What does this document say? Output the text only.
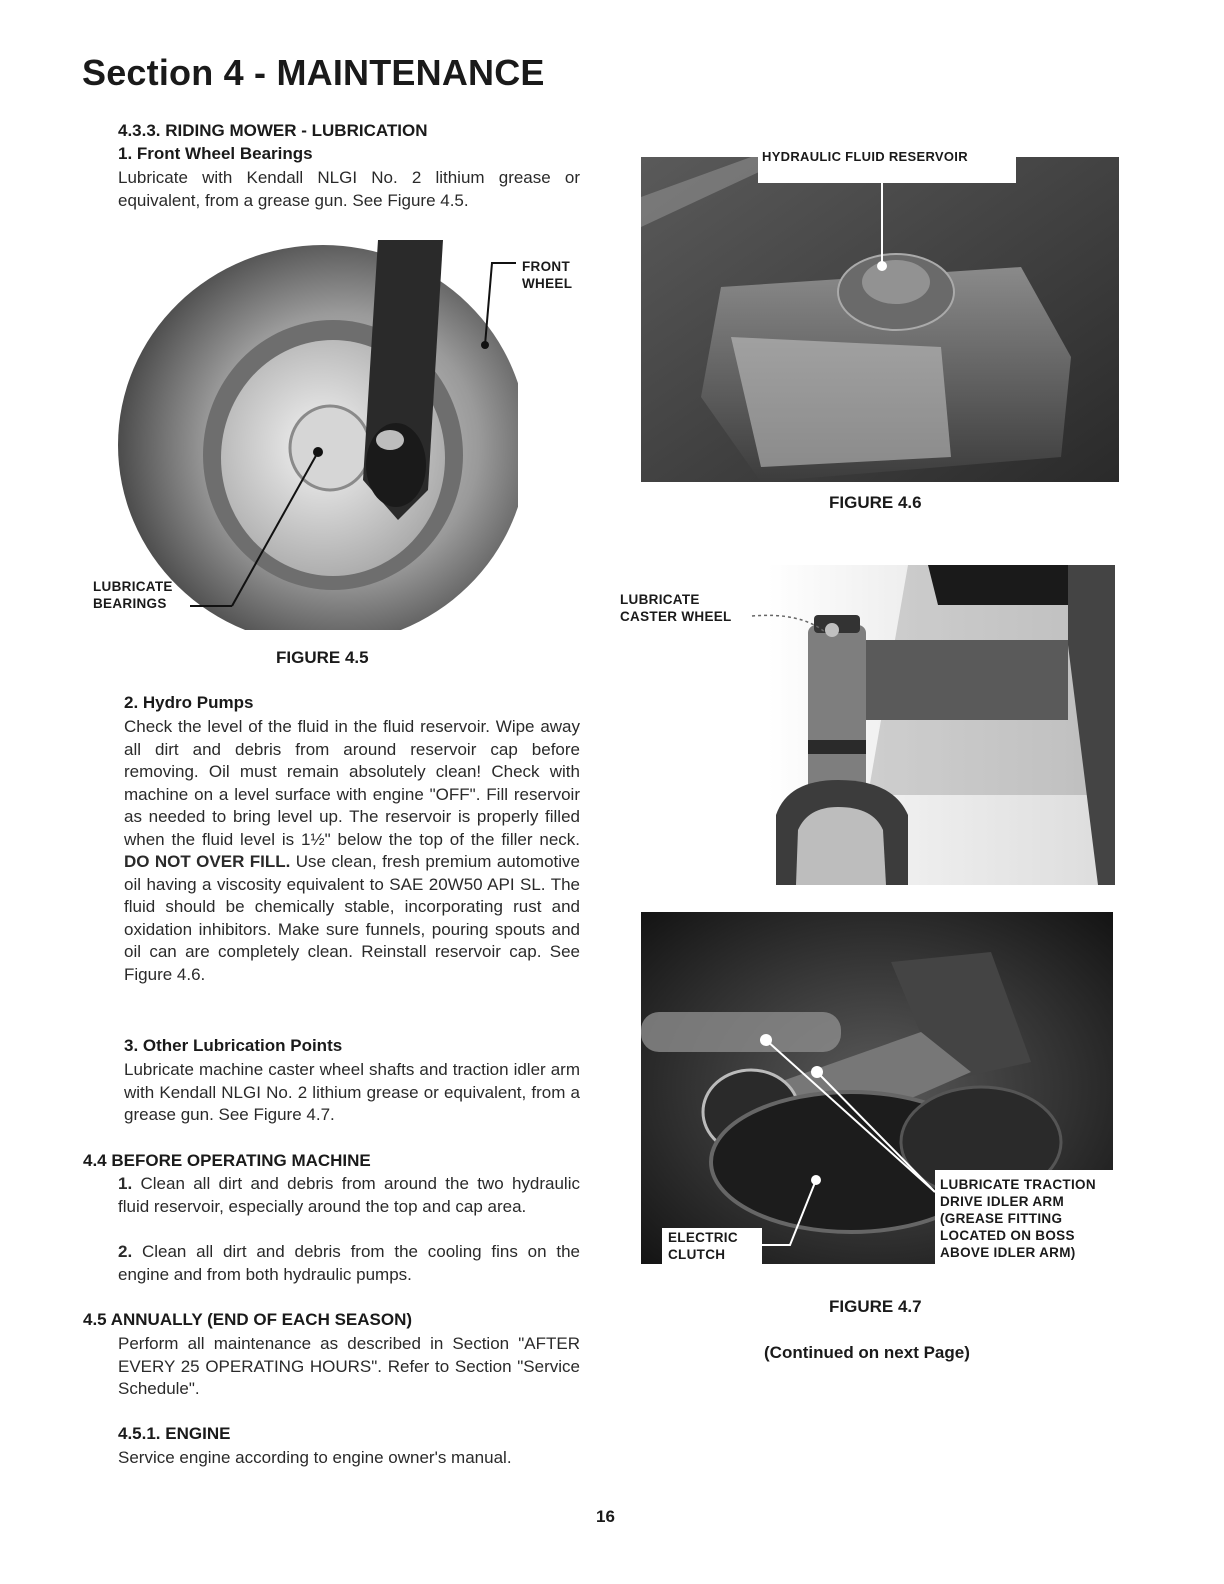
Section 4 - MAINTENANCE
4.3.3. RIDING MOWER - LUBRICATION
1. Front Wheel Bearings
Lubricate with Kendall NLGI No. 2 lithium grease or equivalent, from a grease gun. See Figure 4.5.
FRONT
WHEEL
LUBRICATE
BEARINGS
FIGURE 4.5
2. Hydro Pumps
Check the level of the fluid in the fluid reservoir. Wipe away all dirt and debris from around reservoir cap before removing. Oil must remain absolutely clean! Check with machine on a level surface with engine "OFF". Fill reservoir as needed to bring level up. The reservoir is properly filled when the fluid level is 1½" below the top of the filler neck. DO NOT OVER FILL. Use clean, fresh premium automotive oil having a viscosity equivalent to SAE 20W50 API SL. The fluid should be chemically stable, incorporating rust and oxidation inhibitors. Make sure funnels, pouring spouts and oil can are completely clean. Reinstall reservoir cap. See Figure 4.6.
3. Other Lubrication Points
Lubricate machine caster wheel shafts and traction idler arm with Kendall NLGI No. 2 lithium grease or equivalent, from a grease gun. See Figure 4.7.
4.4 BEFORE OPERATING MACHINE
1. Clean all dirt and debris from around the two hydraulic fluid reservoir, especially around the top and cap area.
2. Clean all dirt and debris from the cooling fins on the engine and from both hydraulic pumps.
4.5 ANNUALLY (END OF EACH SEASON)
Perform all maintenance as described in Section "AFTER EVERY 25 OPERATING HOURS". Refer to Section "Service Schedule".
4.5.1. ENGINE
Service engine according to engine owner's manual.
HYDRAULIC FLUID RESERVOIR
FIGURE 4.6
LUBRICATE
CASTER WHEEL
ELECTRIC
CLUTCH
LUBRICATE TRACTION
DRIVE IDLER ARM
(GREASE FITTING
LOCATED ON BOSS
ABOVE IDLER ARM)
FIGURE 4.7
(Continued on next Page)
16
